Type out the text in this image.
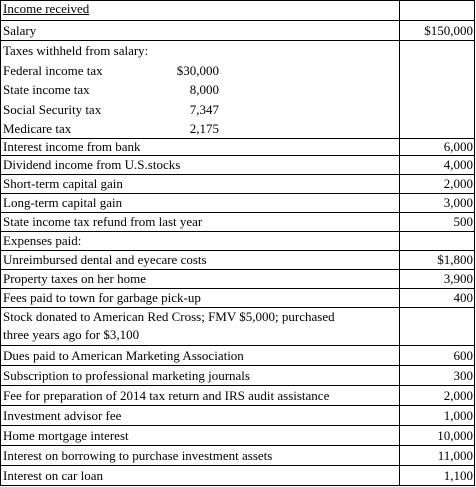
Income received
Salary	$150,000
Taxes withheld from salary:
Federal income tax	$30,000
State income tax	8,000
Social Security tax	7,347
Medicare tax	2,175
Interest income from bank	6,000
Dividend income from U.S.stocks	4,000
Short-term capital gain	2,000
Long-term capital gain	3,000
State income tax refund from last year	500
Expenses paid:
Unreimbursed dental and eyecare costs	$1,800
Property taxes on her home	3,900
Fees paid to town for garbage pick-up	400
Stock donated to American Red Cross; FMV $5,000; purchased
three years ago for $3,100
Dues paid to American Marketing Association	600
Subscription to professional marketing journals	300
Fee for preparation of 2014 tax return and IRS audit assistance	2,000
Investment advisor fee	1,000
Home mortgage interest	10,000
Interest on borrowing to purchase investment assets	11,000
Interest on car loan	1,100
